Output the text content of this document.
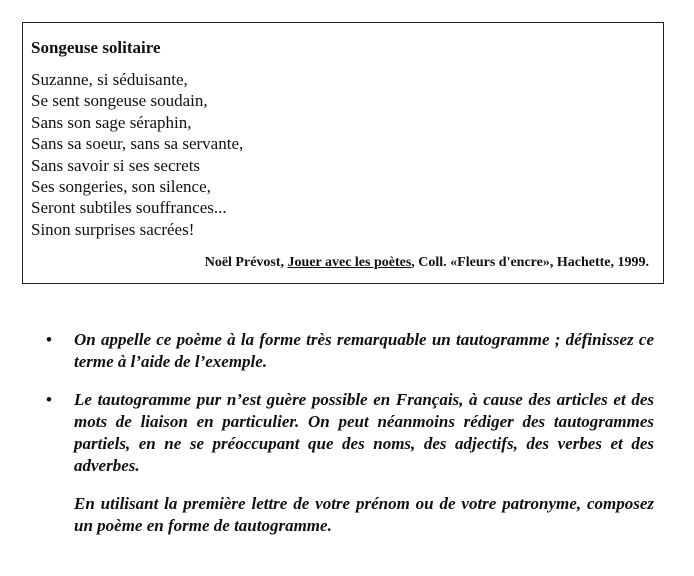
Songeuse solitaire
Suzanne, si séduisante,
Se sent songeuse soudain,
Sans son sage séraphin,
Sans sa soeur, sans sa servante,
Sans savoir si ses secrets
Ses songeries, son silence,
Seront subtiles souffrances...
Sinon surprises sacrées!

Noël Prévost, Jouer avec les poètes, Coll. «Fleurs d'encre», Hachette, 1999.

• On appelle ce poème à la forme très remarquable un tautogramme ; définissez ce terme à l’aide de l’exemple.

• Le tautogramme pur n’est guère possible en Français, à cause des articles et des mots de liaison en particulier. On peut néanmoins rédiger des tautogrammes partiels, en ne se préoccupant que des noms, des adjectifs, des verbes et des adverbes.

En utilisant la première lettre de votre prénom ou de votre patronyme, composez un poème en forme de tautogramme.
